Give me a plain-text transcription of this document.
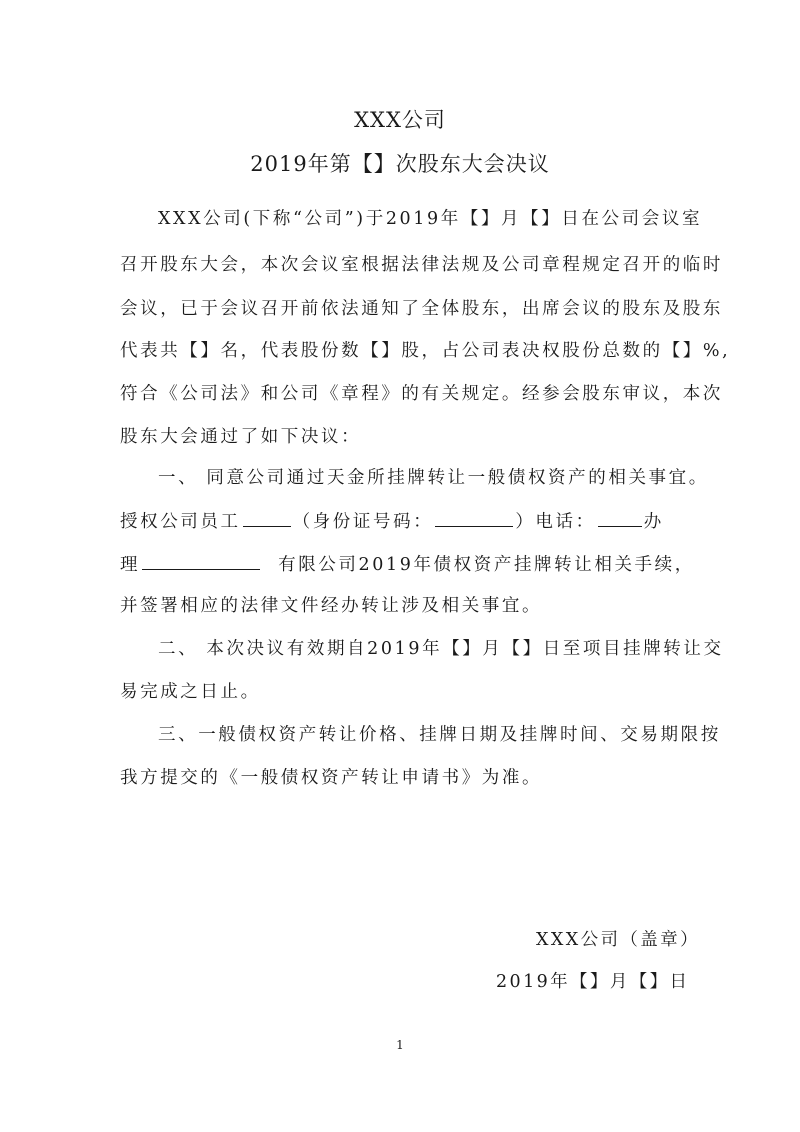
XXX公司
2019年第【】次股东大会决议
XXX公司(下称“公司”)于2019年【】月【】日在公司会议室
召开股东大会，本次会议室根据法律法规及公司章程规定召开的临时
会议，已于会议召开前依法通知了全体股东，出席会议的股东及股东
代表共【】名，代表股份数【】股，占公司表决权股份总数的【】%,
符合《公司法》和公司《章程》的有关规定。经参会股东审议，本次
股东大会通过了如下决议：
一、 同意公司通过天金所挂牌转让一般债权资产的相关事宜。
授权公司员工	（身份证号码：	）电话：	办
理	有限公司2019年债权资产挂牌转让相关手续，
并签署相应的法律文件经办转让涉及相关事宜。
二、 本次决议有效期自2019年【】月【】日至项目挂牌转让交
易完成之日止。
三、一般债权资产转让价格、挂牌日期及挂牌时间、交易期限按
我方提交的《一般债权资产转让申请书》为准。
XXX公司（盖章）
2019年【】月【】日
1
